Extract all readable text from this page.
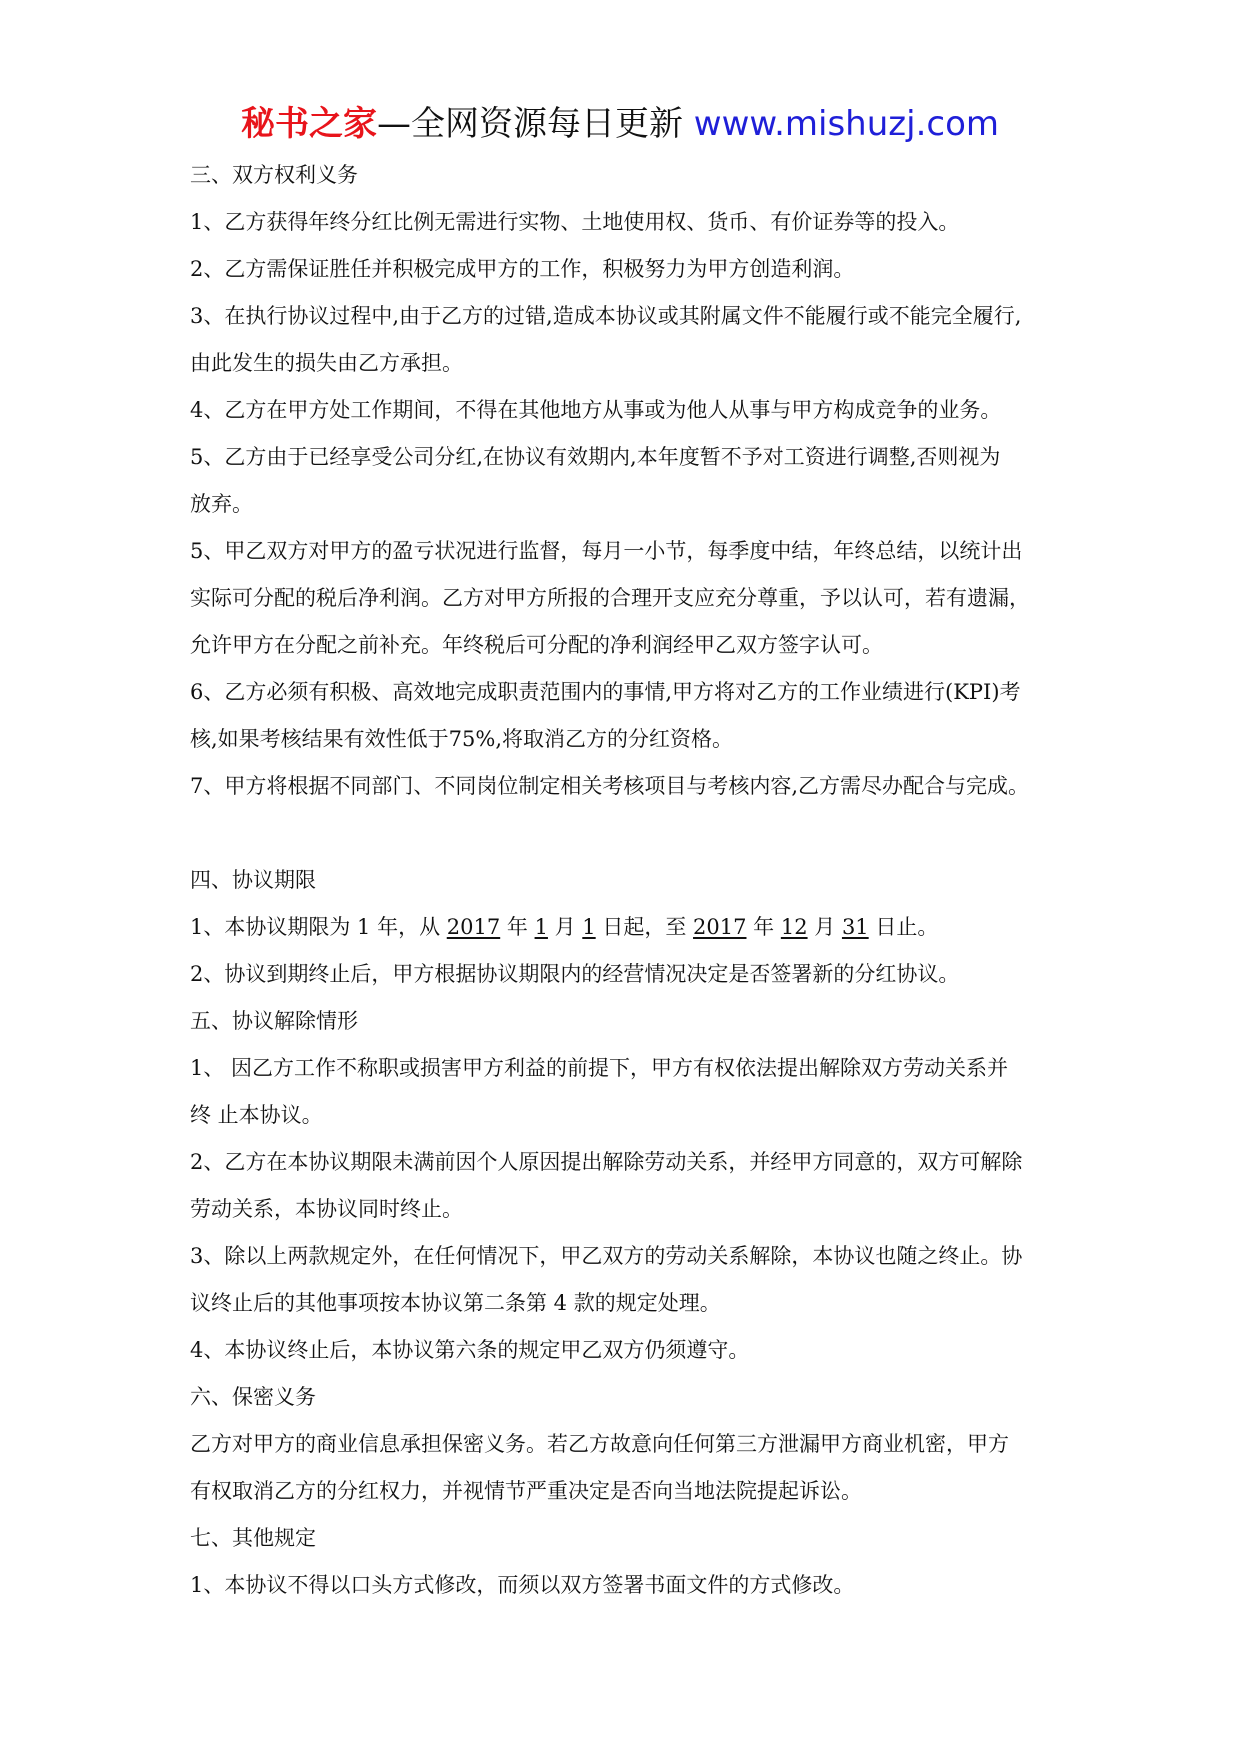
秘书之家—全网资源每日更新 www.mishuzj.com

三、双方权利义务

1、乙方获得年终分红比例无需进行实物、土地使用权、货币、有价证券等的投入。

2、乙方需保证胜任并积极完成甲方的工作，积极努力为甲方创造利润。

3、在执行协议过程中,由于乙方的过错,造成本协议或其附属文件不能履行或不能完全履行,

由此发生的损失由乙方承担。

4、乙方在甲方处工作期间，不得在其他地方从事或为他人从事与甲方构成竞争的业务。

5、乙方由于已经享受公司分红,在协议有效期内,本年度暂不予对工资进行调整,否则视为

放弃。

5、甲乙双方对甲方的盈亏状况进行监督，每月一小节，每季度中结，年终总结，以统计出

实际可分配的税后净利润。乙方对甲方所报的合理开支应充分尊重，予以认可，若有遗漏，

允许甲方在分配之前补充。年终税后可分配的净利润经甲乙双方签字认可。

6、乙方必须有积极、高效地完成职责范围内的事情,甲方将对乙方的工作业绩进行(KPI)考

核,如果考核结果有效性低于75%,将取消乙方的分红资格。

7、甲方将根据不同部门、不同岗位制定相关考核项目与考核内容,乙方需尽办配合与完成。

四、协议期限

1、本协议期限为 1 年，从 2017 年 1 月 1 日起，至 2017 年 12 月 31 日止。

2、协议到期终止后，甲方根据协议期限内的经营情况决定是否签署新的分红协议。

五、协议解除情形

1、 因乙方工作不称职或损害甲方利益的前提下，甲方有权依法提出解除双方劳动关系并

终 止本协议。

2、乙方在本协议期限未满前因个人原因提出解除劳动关系，并经甲方同意的，双方可解除

劳动关系，本协议同时终止。

3、除以上两款规定外，在任何情况下，甲乙双方的劳动关系解除，本协议也随之终止。协

议终止后的其他事项按本协议第二条第 4 款的规定处理。

4、本协议终止后，本协议第六条的规定甲乙双方仍须遵守。

六、保密义务

乙方对甲方的商业信息承担保密义务。若乙方故意向任何第三方泄漏甲方商业机密，甲方

有权取消乙方的分红权力，并视情节严重决定是否向当地法院提起诉讼。

七、其他规定

1、本协议不得以口头方式修改，而须以双方签署书面文件的方式修改。
